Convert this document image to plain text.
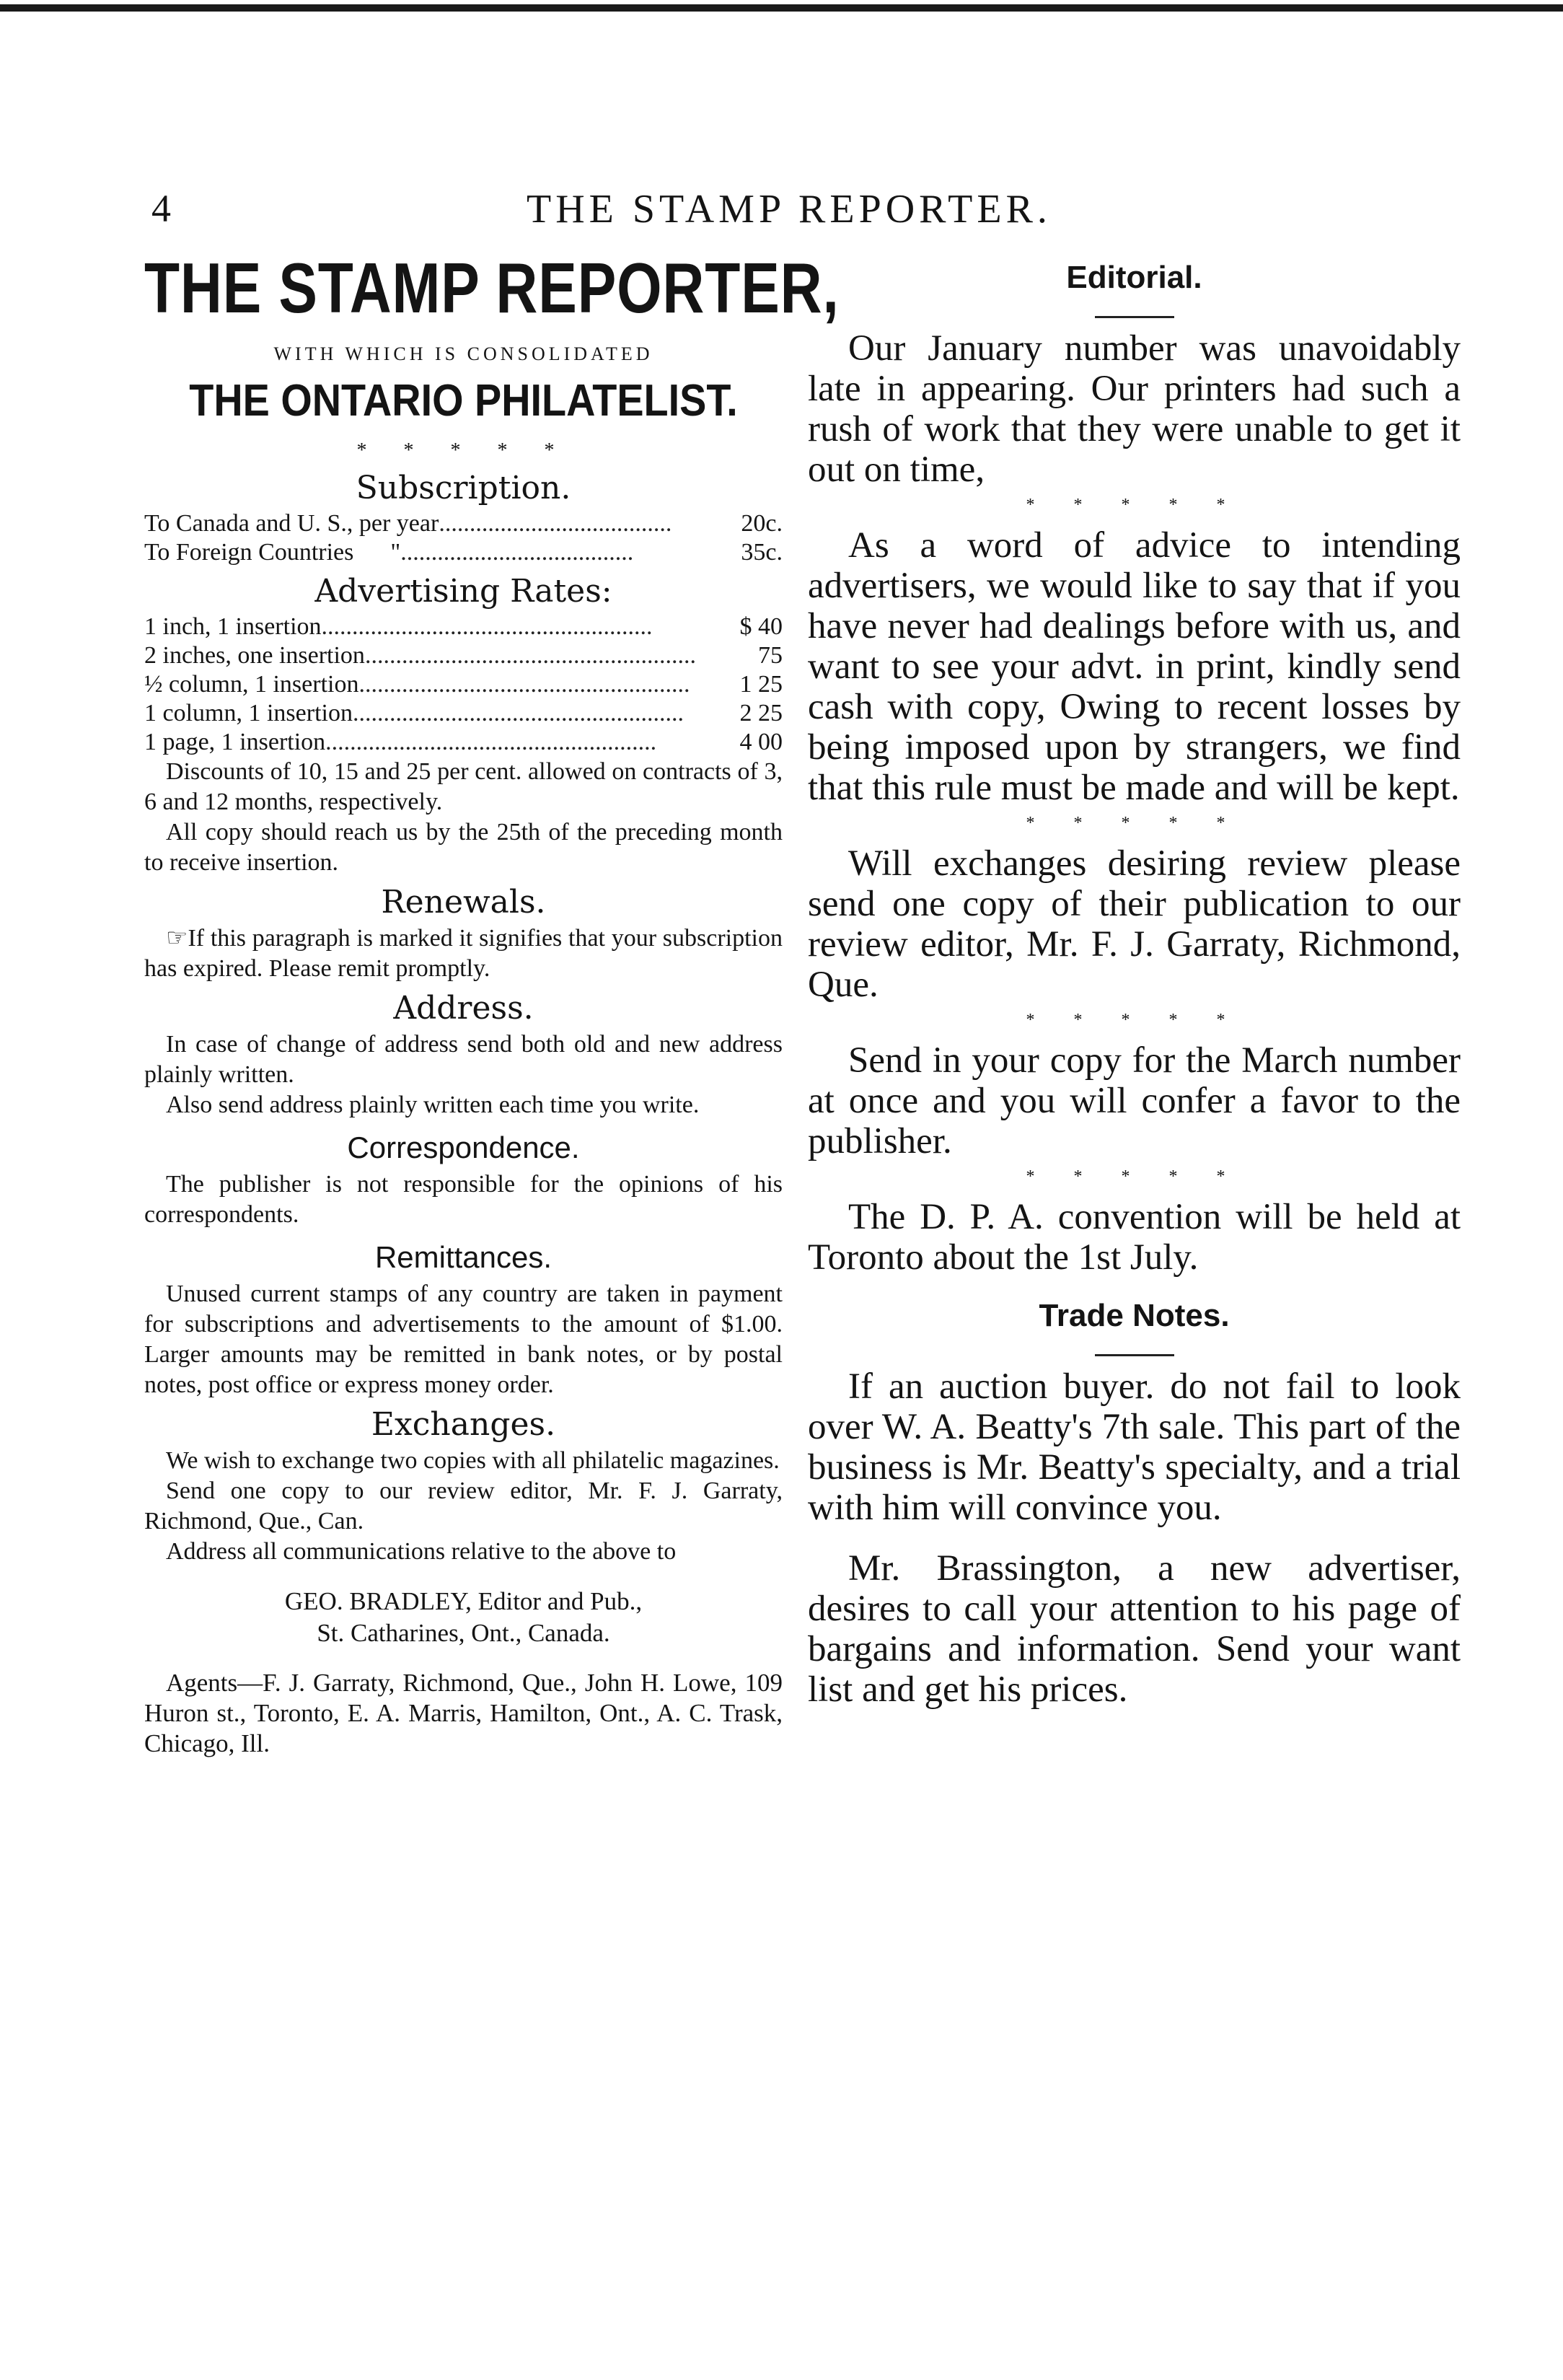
4	THE STAMP REPORTER.
THE STAMP REPORTER,
WITH WHICH IS CONSOLIDATED
THE ONTARIO PHILATELIST.
* * * * *
Subscription.
To Canada and U. S., per year ......................................	20c.
To Foreign Countries      " ......................................	35c.
Advertising Rates:
1 inch, 1 insertion ......................................................	$ 40
2 inches, one insertion ......................................................	75
½ column, 1 insertion ......................................................	1 25
1 column, 1 insertion ......................................................	2 25
1 page, 1 insertion ......................................................	4 00

Discounts of 10, 15 and 25 per cent. allowed on contracts of 3, 6 and 12 months, respectively.

All copy should reach us by the 25th of the preceding month to receive insertion.

Renewals.

☞If this paragraph is marked it signifies that your subscription has expired. Please remit promptly.

Address.

In case of change of address send both old and new address plainly written.

Also send address plainly written each time you write.

Correspondence.

The publisher is not responsible for the opinions of his correspondents.

Remittances.

Unused current stamps of any country are taken in payment for subscriptions and advertisements to the amount of $1.00. Larger amounts may be remitted in bank notes, or by postal notes, post office or express money order.

Exchanges.

We wish to exchange two copies with all philatelic magazines.

Send one copy to our review editor, Mr. F. J. Garraty, Richmond, Que., Can.

Address all communications relative to the above to

GEO. BRADLEY, Editor and Pub.,
St. Catharines, Ont., Canada.

Agents—F. J. Garraty, Richmond, Que., John H. Lowe, 109 Huron st., Toronto, E. A. Marris, Hamilton, Ont., A. C. Trask, Chicago, Ill.

Editorial.

Our January number was unavoidably late in appearing. Our printers had such a rush of work that they were unable to get it out on time,

* * * * *

As a word of advice to intending advertisers, we would like to say that if you have never had dealings before with us, and want to see your advt. in print, kindly send cash with copy, Owing to recent losses by being imposed upon by strangers, we find that this rule must be made and will be kept.

* * * * *

Will exchanges desiring review please send one copy of their publication to our review editor, Mr. F. J. Garraty, Richmond, Que.

* * * * *

Send in your copy for the March number at once and you will confer a favor to the publisher.

* * * * *

The D. P. A. convention will be held at Toronto about the 1st July.

Trade Notes.

If an auction buyer. do not fail to look over W. A. Beatty's 7th sale. This part of the business is Mr. Beatty's specialty, and a trial with him will convince you.

Mr. Brassington, a new advertiser, desires to call your attention to his page of bargains and information. Send your want list and get his prices.
